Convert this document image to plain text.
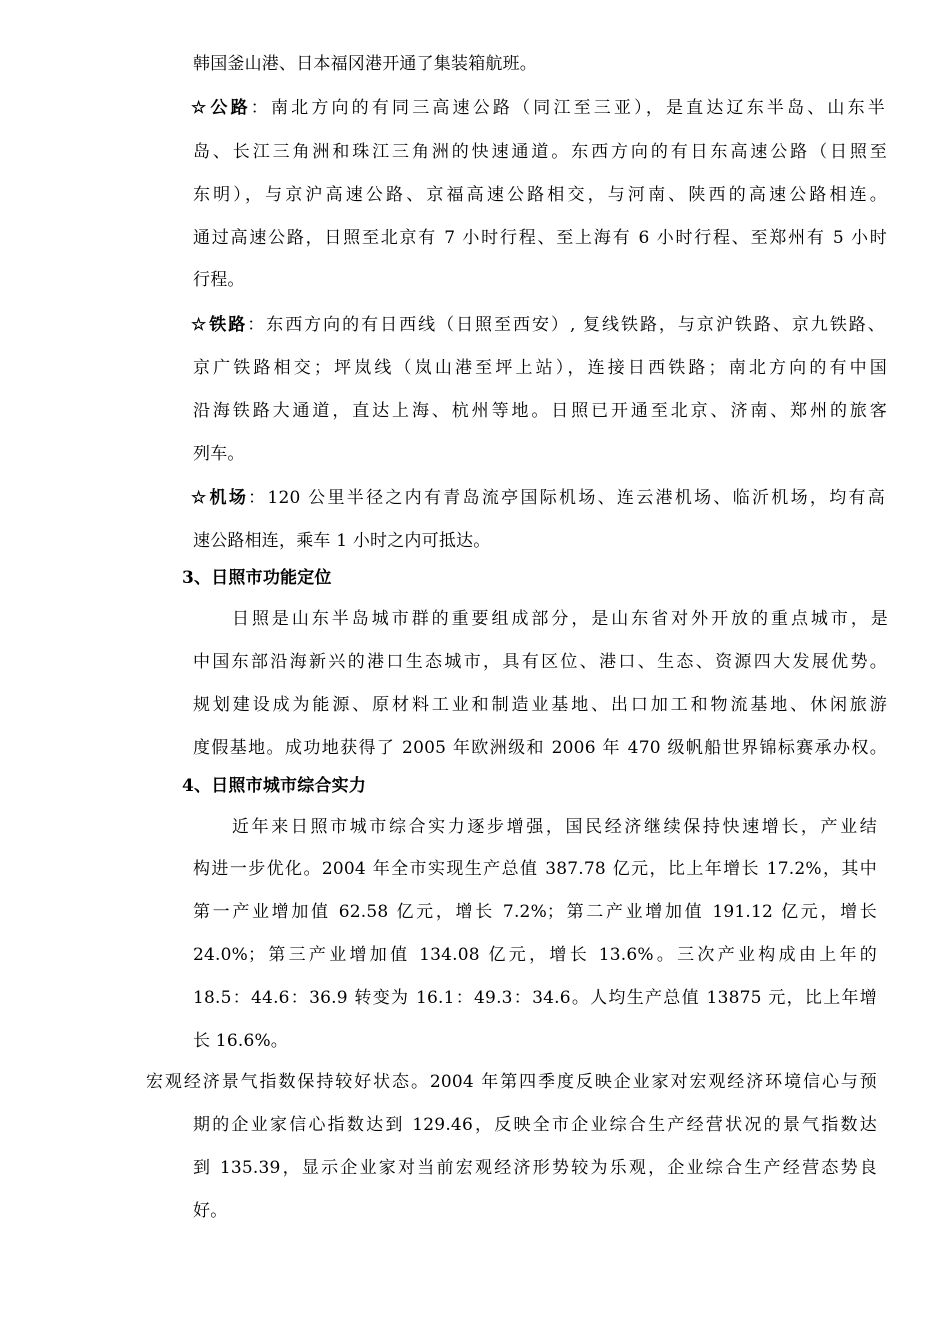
韩国釜山港、日本福冈港开通了集装箱航班。
☆公路：南北方向的有同三高速公路（同江至三亚），是直达辽东半岛、山东半
岛、长江三角洲和珠江三角洲的快速通道。东西方向的有日东高速公路（日照至
东明），与京沪高速公路、京福高速公路相交，与河南、陕西的高速公路相连。
通过高速公路，日照至北京有 7 小时行程、至上海有 6 小时行程、至郑州有 5 小时
行程。
☆铁路：东西方向的有日西线（日照至西安）, 复线铁路，与京沪铁路、京九铁路、
京广铁路相交；坪岚线（岚山港至坪上站），连接日西铁路；南北方向的有中国
沿海铁路大通道，直达上海、杭州等地。日照已开通至北京、济南、郑州的旅客
列车。
☆机场：120 公里半径之内有青岛流亭国际机场、连云港机场、临沂机场，均有高
速公路相连，乘车 1 小时之内可抵达。
3、日照市功能定位
日照是山东半岛城市群的重要组成部分，是山东省对外开放的重点城市，是
中国东部沿海新兴的港口生态城市，具有区位、港口、生态、资源四大发展优势。
规划建设成为能源、原材料工业和制造业基地、出口加工和物流基地、休闲旅游
度假基地。成功地获得了 2005 年欧洲级和 2006 年 470 级帆船世界锦标赛承办权。
4、日照市城市综合实力
近年来日照市城市综合实力逐步增强，国民经济继续保持快速增长，产业结
构进一步优化。2004 年全市实现生产总值 387.78 亿元，比上年增长 17.2%，其中
第一产业增加值 62.58 亿元，增长 7.2%；第二产业增加值 191.12 亿元，增长
24.0%；第三产业增加值 134.08 亿元，增长 13.6%。三次产业构成由上年的
18.5：44.6：36.9 转变为 16.1：49.3：34.6。人均生产总值 13875 元，比上年增
长 16.6%。
宏观经济景气指数保持较好状态。2004 年第四季度反映企业家对宏观经济环境信心与预
期的企业家信心指数达到 129.46，反映全市企业综合生产经营状况的景气指数达
到 135.39，显示企业家对当前宏观经济形势较为乐观，企业综合生产经营态势良
好。
